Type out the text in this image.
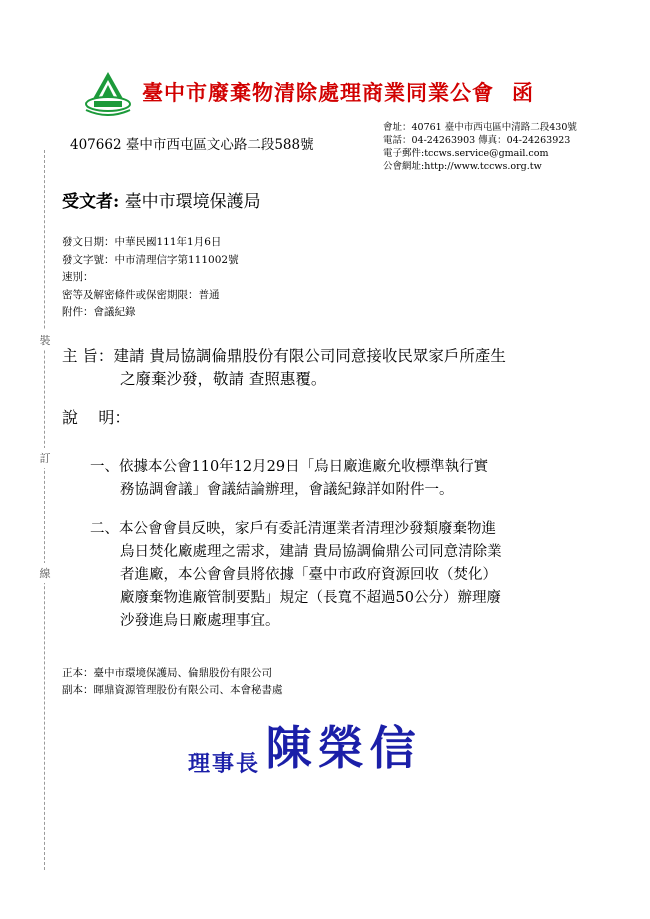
臺中市廢棄物清除處理商業同業公會 函
407662 臺中市西屯區文心路二段588號
會址：40761 臺中市西屯區中清路二段430號
電話：04-24263903 傳真：04-24263923
電子郵件:tccws.service@gmail.com
公會網址:http://www.tccws.org.tw
裝
訂
線
受文者: 臺中市環境保護局
發文日期：中華民國111年1月6日
發文字號：中市清理信字第111002號
速別：
密等及解密條件或保密期限：普通
附件：會議紀錄
主 旨：建請 貴局協調倫鼎股份有限公司同意接收民眾家戶所產生
之廢棄沙發，敬請 查照惠覆。
說    明：
一、依據本公會110年12月29日「烏日廠進廠允收標準執行實
務協調會議」會議結論辦理，會議紀錄詳如附件一。
二、本公會會員反映，家戶有委託清運業者清理沙發類廢棄物進
烏日焚化廠處理之需求，建請 貴局協調倫鼎公司同意清除業
者進廠，本公會會員將依據「臺中市政府資源回收（焚化）
廠廢棄物進廠管制要點」規定（長寬不超過50公分）辦理廢
沙發進烏日廠處理事宜。
正本：臺中市環境保護局、倫鼎股份有限公司
副本：暉鼎資源管理股份有限公司、本會秘書處
理事長 陳榮信
